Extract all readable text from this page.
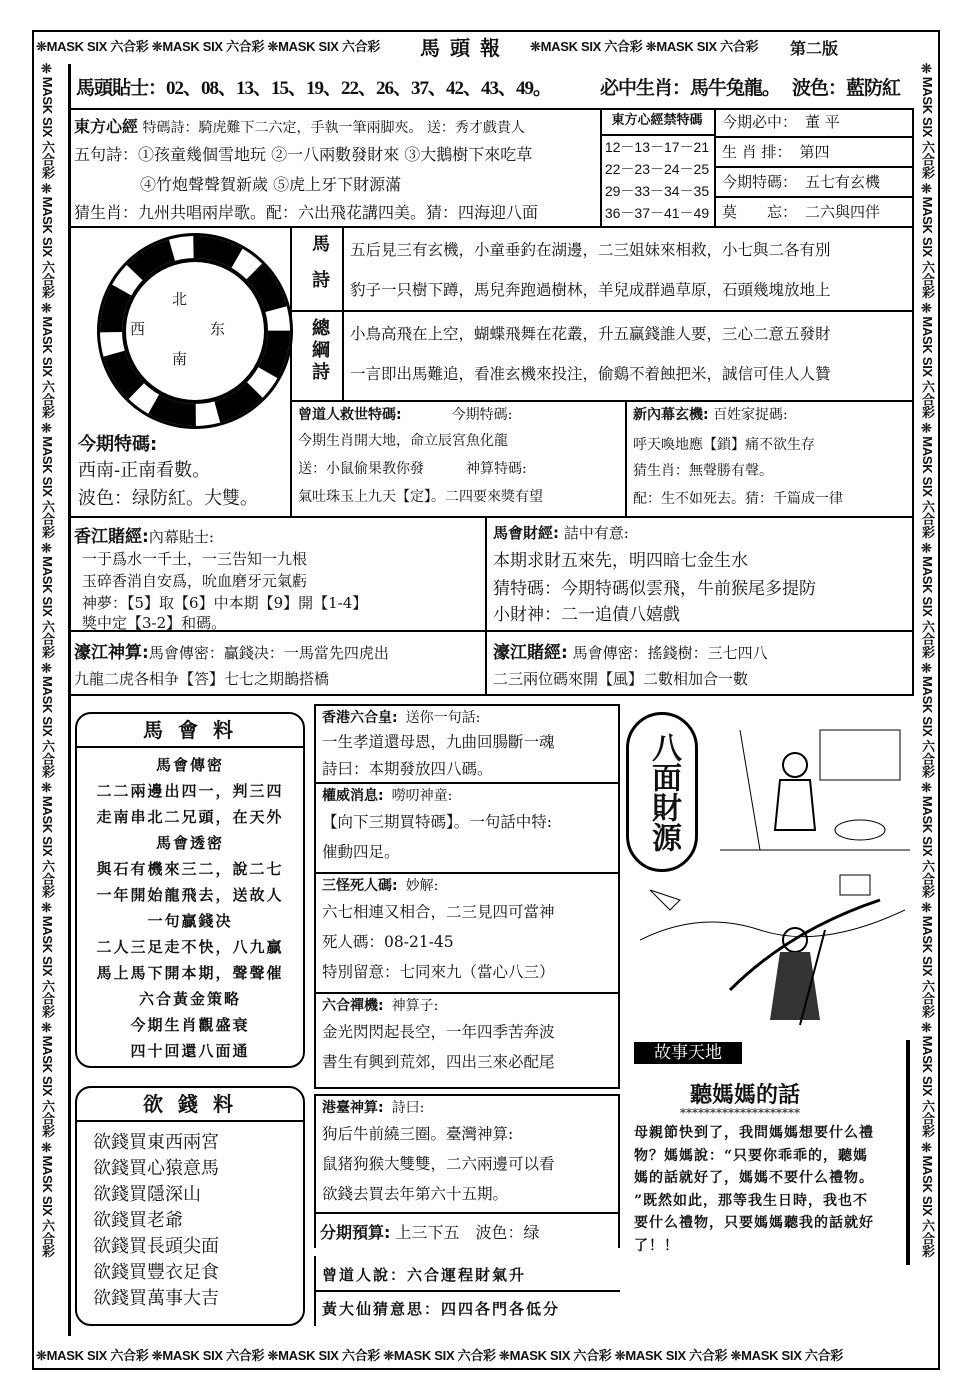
❊MASK SIX 六合彩 ❊MASK SIX 六合彩 ❊MASK SIX 六合彩	❊MASK SIX 六合彩 ❊MASK SIX 六合彩
❊MASK SIX 六合彩 ❊MASK SIX 六合彩 ❊MASK SIX 六合彩 ❊MASK SIX 六合彩 ❊MASK SIX 六合彩 ❊MASK SIX 六合彩 ❊MASK SIX 六合彩
❊MASK SIX 六合彩 ❊MASK SIX 六合彩 ❊MASK SIX 六合彩 ❊MASK SIX 六合彩 ❊MASK SIX 六合彩 ❊MASK SIX 六合彩 ❊MASK SIX 六合彩 ❊MASK SIX 六合彩 ❊MASK SIX 六合彩 ❊MASK SIX 六合彩	❊MASK SIX 六合彩 ❊MASK SIX 六合彩 ❊MASK SIX 六合彩 ❊MASK SIX 六合彩 ❊MASK SIX 六合彩 ❊MASK SIX 六合彩 ❊MASK SIX 六合彩 ❊MASK SIX 六合彩 ❊MASK SIX 六合彩 ❊MASK SIX 六合彩
馬頭報	第二版
馬頭貼士：02、08、13、15、19、22、26、37、42、43、49。	必中生肖：馬牛兔龍。 波色：藍防紅
東方心經 特碼詩：騎虎難下二六定，手執一筆兩脚夾。 送：秀才戲貴人
五句詩：①孩童幾個雪地玩 ②一八兩數發財來 ③大鵝樹下來吃草
④竹炮聲聲賀新歲 ⑤虎上牙下財源滿
猜生肖：九州共唱兩岸歌。配：六出飛花講四美。猜：四海迎八面
東方心經禁特碼
12－13－17－21
22－23－24－25
29－33－34－35
36－37－41－49
今期必中： 董 平
生 肖 排： 第四
今期特碼： 五七有玄機
莫　　忘： 二六與四伴
北
西	东
南
馬詩 五后見三有玄機，小童垂釣在湖邊，二三姐妹來相救，小七與二各有別
豹子一只樹下蹲，馬兒奔跑過樹林，羊兒成群過草原，石頭幾塊放地上
總綱詩 小鳥高飛在上空，蝴蝶飛舞在花叢，升五贏錢誰人要，三心二意五發財
一言即出馬難追，看准玄機來投注，偷鷄不着蝕把米，誠信可佳人人贊
今期特碼:
西南-正南看數。
波色：绿防紅。大雙。
曾道人救世特碼:	今期特碼:
今期生肖開大地，命立辰宮魚化龍
送：小鼠偷果教你發	神算特碼:
氣吐珠玉上九天【定】。二四要來獎有望
新內幕玄機: 百姓家捉碼:
呼天喚地應【鎖】痛不欲生存
猜生肖：無聲勝有聲。
配：生不如死去。猜：千篇成一律
香江賭經:內幕貼士:
一于爲水一千土，一三告知一九根
玉碎香消自安爲，吮血磨牙元氣虧
神夢：【5】取【6】中本期【9】開【1-4】
獎中定【3-2】和碼。
馬會財經: 詰中有意:
本期求財五來先，明四暗七金生水
猜特碼：今期特碼似雲飛，牛前猴尾多提防
小財神：二一追債八嬉戲
濠江神算:馬會傳密：贏錢决：一馬當先四虎出
九龍二虎各相争【答】七七之期鵲搭橋
濠江賭經: 馬會傳密：搖錢樹：三七四八
二三兩位碼來開【風】二數相加合一數
馬 會 料
馬會傳密
二二兩邊出四一，判三四
走南串北二兄頭，在天外
馬會透密
與石有機來三二，說二七
一年開始龍飛去，送故人
一句贏錢决
二人三足走不快，八九贏
馬上馬下開本期，聲聲催
六合黃金策略
今期生肖觀盛衰
四十回還八面通
欲 錢 料
欲錢買東西兩宮
欲錢買心猿意馬
欲錢買隱深山
欲錢買老爺
欲錢買長頭尖面
欲錢買豐衣足食
欲錢買萬事大吉
香港六合皇: 送你一句話:
一生孝道還母恩，九曲回腸斷一魂
詩曰：本期發放四八碼。
權威消息: 嘮叨神童:
【向下三期買特碼】。一句話中特:
催動四足。
三怪死人碼: 妙解:
六七相連又相合，二三見四可當神
死人碼：08-21-45
特別留意：七同來九（當心八三）
六合禪機: 神算子:
金光閃閃起長空，一年四季苦奔波
書生有興到荒郊，四出三來必配尾
港臺神算: 詩曰:
狗后牛前繞三圈。臺灣神算:
鼠猪狗猴大雙雙，二六兩邊可以看
欲錢去買去年第六十五期。
分期預算: 上三下五　波色：绿
曾道人說：六合運程財氣升
黃大仙猜意思：四四各門各低分
八面財源
故事天地
聽媽媽的話
********************
母親節快到了，我問媽媽想要什么禮
物？媽媽說：“只要你乖乖的，聽媽
媽的話就好了，媽媽不要什么禮物。
”既然如此，那等我生日時，我也不
要什么禮物，只要媽媽聽我的話就好
了！！
